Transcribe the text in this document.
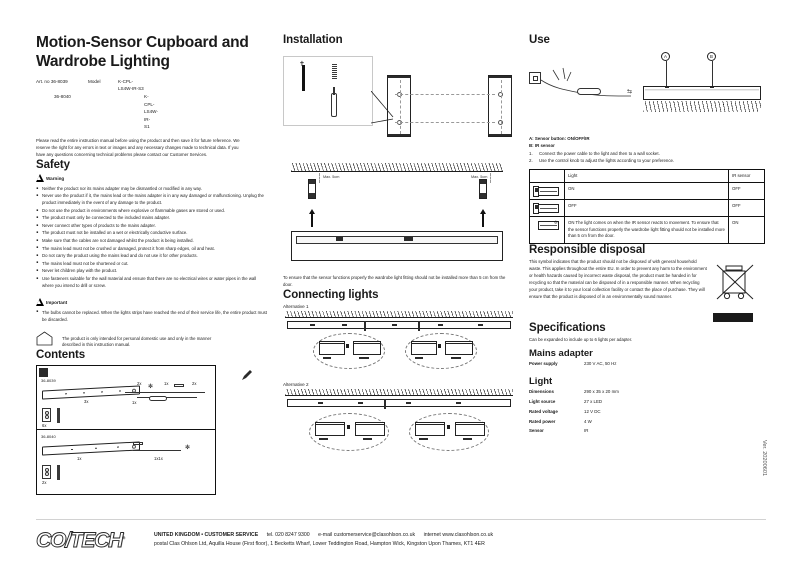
Motion-Sensor Cupboard and Wardrobe Lighting
Art. no 36-8039	Model	K-CPL-LS4W-IR-S3
36-8040	K-CPL-LS4W-IR-S1
Please read the entire instruction manual before using the product and then save it for future reference. We reserve the right for any errors in text or images and any necessary changes made to technical data. If you have any questions concerning technical problems please contact our Customer Services.
Safety
Warning
■ Neither the product nor its mains adapter may be dismantled or modified in any way.
■ Never use the product if it, the mains lead or the mains adapter is in any way damaged or malfunctioning. Unplug the product immediately in the event of any damage to the product.
■ Do not use the product in environments where explosive or flammable gases are stored or used.
■ The product must only be connected to the included mains adapter.
■ Never connect other types of products to the mains adapter.
■ The product must not be installed on a wet or electrically conductive surface.
■ Make sure that the cables are not damaged whilst the product is being installed.
■ The mains lead must not be crushed or damaged, protect it from sharp edges, oil and heat.
■ Do not carry the product using the mains lead and do not use it for other products.
■ The mains lead must not be shortened or cut.
■ Never let children play with the product.
■ Use fasteners suitable for the wall material and ensure that there are no electrical wires or water pipes in the wall where you intend to drill or screw.
Important
■ The bulbs cannot be replaced. When the lights strips have reached the end of their service life, the entire product must be discarded.
The product is only intended for personal domestic use and only in the manner described in this instruction manual.
Contents
36-8039
3x
6x
1x
2x	2x
1x
✻
36-8040
1x
2x
1x1x
✻
Installation
✝
Max. 5cm	Max. 5cm
To ensure that the sensor functions properly the wardrobe light fitting should not be installed more than 5 cm from the door.
Connecting lights
Alternative 1
Alternative 2
Use
⇆
A	B
A: Sensor button: ON/OFF/IR
B: IR sensor
1.	Connect the power cable to the light and then to a wall socket.
2.	Use the control knob to adjust the lights according to your preference.
	Light	IR sensor

	ON	OFF

	OFF	OFF

✡	ON The light comes on when the IR sensor reacts to movement. To ensure that the sensor functions properly the wardrobe light fitting should not be installed more than 5 cm from the door.	ON
Responsible disposal
This symbol indicates that the product should not be disposed of with general household waste. This applies throughout the entire EU. In order to prevent any harm to the environment or health hazards caused by incorrect waste disposal, the product must be handed in for recycling so that the material can be disposed of in a responsible manner. When recycling your product, take it to your local collection facility or contact the place of purchase. They will ensure that the product is disposed of in an environmentally sound manner.
Specifications
Can be expanded to include up to 6 lights per adapter.
Mains adapter
Power supply	230 V AC, 50 Hz
Light
Dimensions	290 x 35 x 20 mm
Light source	27 x LED
Rated voltage	12 V DC
Rated power	4 W
Sensor	IR
Ver. 20200601
CO/TECH®	UNITED KINGDOM • CUSTOMER SERVICE tel. 020 8247 9300 e-mail customerservice@clasohlson.co.uk internet www.clasohlson.co.uk
postal Clas Ohlson Ltd, Aquilla House (First floor), 1 Becketts Wharf, Lower Teddington Road, Hampton Wick, Kingston Upon Thames, KT1 4ER
